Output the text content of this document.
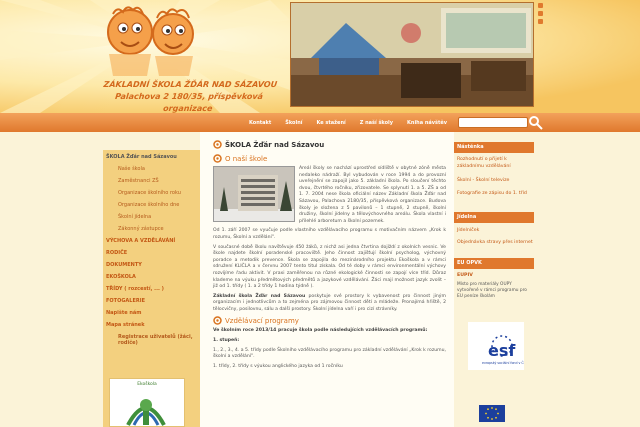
ZÁKLADNÍ ŠKOLA ŽĎÁR NAD SÁZAVOU
Palachova 2 180/35, příspěvková organizace
Kontakt	Školní	Ke stažení	Z naší školy	Kniha návštěv
ŠKOLA Žďár nad Sázavou
Naše škola
Zaměstnanci ZŠ
Organizace školního roku
Organizace školního dne
Školní jídelna
Zákonný zástupce
VÝCHOVA A VZDĚLÁVÁNÍ
RODIČE
DOKUMENTY
EKOŠKOLA
TŘÍDY ( rozcestí, ... )
FOTOGALERIE
Napište nám
Mapa stránek
Registrace uživatelů (žáci, rodiče)
Ekoškola
ŠKOLA Žďár nad Sázavou
O naší škole

Areál školy se nachází uprostřed sídliště v obytné zóně města nedaleko nádraží. Byl vybudován v roce 1994 a do provozní uveřejnění se zapojil jako 5. základní škola. Po sloučení těchto dvou, čtvrtého ročníku, zřizovatele. Se splynutí 1. a 5. ZŠ a od 1. 7. 2004 nese škola oficiální název Základní škola Žďár nad Sázavou, Palachova 2180/35, příspěvková organizace. Budova školy je složena z 5 pavilonů – 1 stupně, 2 stupně, školní družiny, školní jídelny a tělovýchovného areálu. Škola vlastní i přilehlé arboretum a školní pozemek.

Od 1. září 2007 se vyučuje podle vlastního vzdělávacího programu s motivačním názvem „Krok k rozumu, Školní a vzdělání".

V současné době školu navštěvuje 450 žáků, z nichž asi jedna čtvrtina dojíždí z okolních vesnic. Ve škole najdete školní poradenské pracoviště. Jeho činnost zajišťují školní psycholog, výchovný poradce a metodik prevence. Škola se zapojila do mezinárodního projektu Ekoškola a v rámci sdružení KLIČLA a v červnu 2007 tento titul získala. Od té doby v rámci environmentální výchovy rozvíjíme řadu aktivit. V praxi zaměřenou na různé ekologické činnosti se zapojí více tříd. Důraz klademe na výuku předmětových předmětů a jazykové vzdělávání. Žáci mají možnost jazyk zvolit – již od 1. třídy ( 1. a 2 třídy 1 hodina týdně ).

Základní škola Žďár nad Sázavou poskytuje své prostory k vybavenost pro činnost jiným organizacím i jednotlivcům a to zejména pro zájmovou činnost dětí a mládeže. Pronajímá hřiště, 2 tělocvičny, posilovnu, sálu a další prostory. Školní jídelna vaří i pro cizí strávníky.

Vzdělávací programy

Ve školním roce 2013/14 pracuje škola podle následujících vzdělávacích programů:

1. stupeň:

1., 2., 3., 4. a 5. třídy podle Školního vzdělávacího programu pro základní vzdělávání „Krok k rozumu, školní a vzdělání".

1. třídy, 2. třídy s výukou anglického jazyka od 1 ročníku

Nástěnka
Rozhodnutí o přijetí k základnímu vzdělávání
Školní - Školní televize
Fotografie ze zápisu do 1. tříd
Jídelna
Jídelníček
Objednávka stravy přes internet
EU OPVK
EUPIV
Místo pro materiály OUPY vytvořené v rámci programu pro EU peníze školám
esf
evropský sociální fond v ČR
